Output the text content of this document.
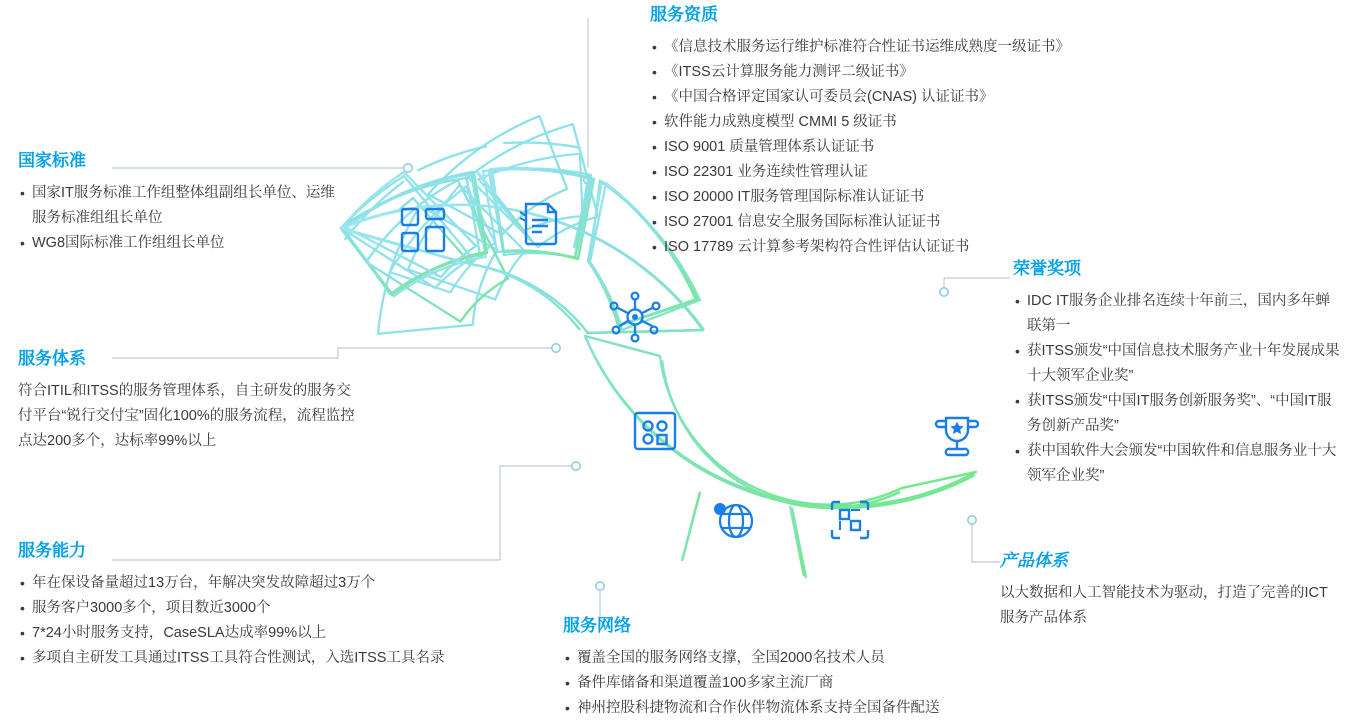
服务资质
• 《信息技术服务运行维护标准符合性证书运维成熟度一级证书》
• 《ITSS云计算服务能力测评二级证书》
• 《中国合格评定国家认可委员会(CNAS) 认证证书》
• 软件能力成熟度模型 CMMI 5 级证书
• ISO 9001 质量管理体系认证证书
• ISO 22301 业务连续性管理认证
• ISO 20000 IT服务管理国际标准认证证书
• ISO 27001 信息安全服务国际标准认证证书
• ISO 17789 云计算参考架构符合性评估认证证书
国家标准
• 国家IT服务标准工作组整体组副组长单位、运维服务标准组组长单位
• WG8国际标准工作组组长单位
服务体系

符合ITIL和ITSS的服务管理体系，自主研发的服务交付平台“锐行交付宝”固化100%的服务流程，流程监控点达200多个，达标率99%以上

服务能力
• 年在保设备量超过13万台，年解决突发故障超过3万个
• 服务客户3000多个，项目数近3000个
• 7*24小时服务支持，CaseSLA达成率99%以上
• 多项自主研发工具通过ITSS工具符合性测试，入选ITSS工具名录
服务网络
• 覆盖全国的服务网络支撑，全国2000名技术人员
• 备件库储备和渠道覆盖100多家主流厂商
• 神州控股科捷物流和合作伙伴物流体系支持全国备件配送
荣誉奖项
• IDC IT服务企业排名连续十年前三，国内多年蝉联第一
• 获ITSS颁发“中国信息技术服务产业十年发展成果十大领军企业奖”
• 获ITSS颁发“中国IT服务创新服务奖”、“中国IT服务创新产品奖”
• 获中国软件大会颁发“中国软件和信息服务业十大领军企业奖”
产品体系

以大数据和人工智能技术为驱动，打造了完善的ICT服务产品体系
